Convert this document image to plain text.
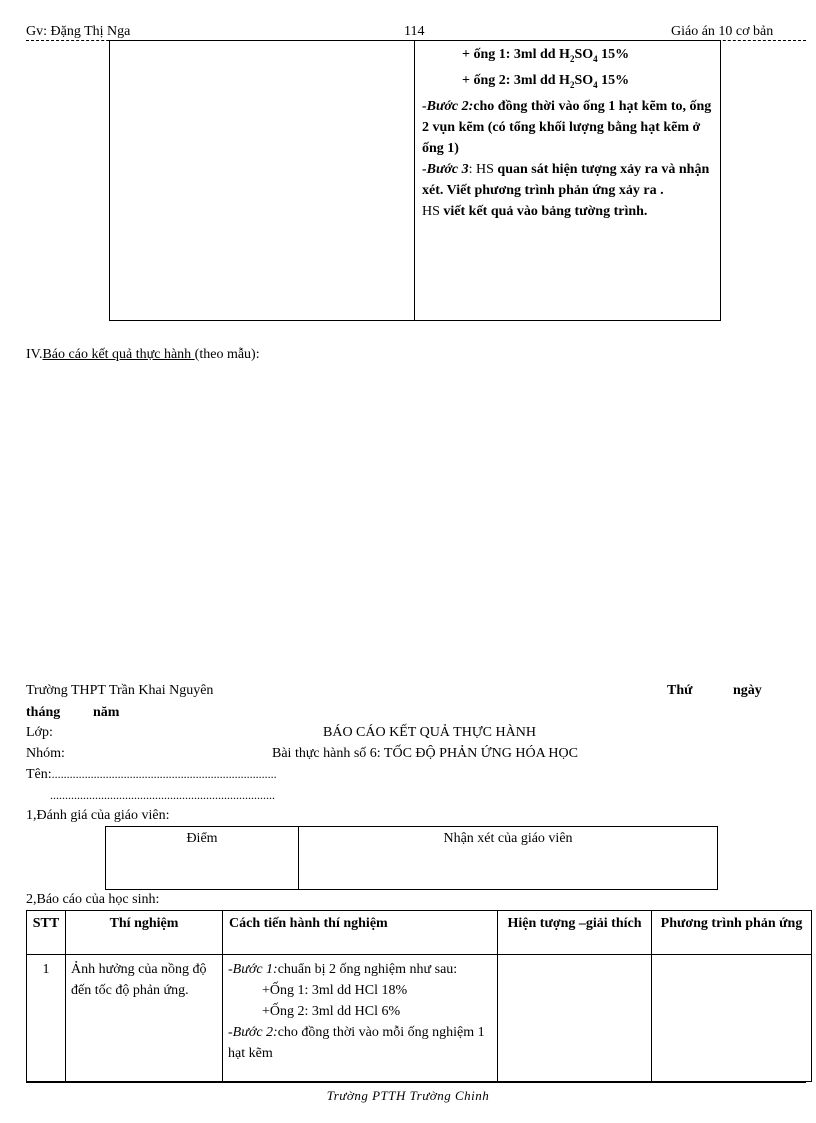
Gv: Đặng Thị Nga	114	Giáo án 10 cơ bản
+ ống 1: 3ml dd $H_2SO_4$ 15%
+ ống 2: 3ml dd $H_2SO_4$ 15%
-Bước 2:cho đồng thời vào ống 1 hạt kẽm to, ống 2 vụn kẽm (có tổng khối lượng bằng hạt kẽm ở ống 1)
-Bước 3: HS quan sát hiện tượng xảy ra và nhận xét. Viết phương trình phản ứng xảy ra .
HS viết kết quả vào bảng tường trình.
IV.Báo cáo kết quả thực hành (theo mẫu):
Trường THPT Trần Khai Nguyên	Thứ	ngày
tháng năm
Lớp:	BÁO CÁO KẾT QUẢ THỰC HÀNH
Nhóm:	Bài thực hành số 6: TỐC ĐỘ PHẢN ỨNG HÓA HỌC
Tên:...........................................................................
...........................................................................
1,Đánh giá của giáo viên:
Điểm	Nhận xét của giáo viên
2,Báo cáo của học sinh:
STT	Thí nghiệm	Cách tiến hành thí nghiệm	Hiện tượng –giải thích	Phương trình phản ứng
1	Ảnh hưởng của nồng độ đến tốc độ phản ứng.	-Bước 1:chuẩn bị 2 ống nghiệm như sau:
+Ống 1: 3ml dd HCl 18%
+Ống 2: 3ml dd HCl 6%
-Bước 2:cho đồng thời vào mỗi ống nghiệm 1 hạt kẽm		
Trường PTTH Trường Chinh
